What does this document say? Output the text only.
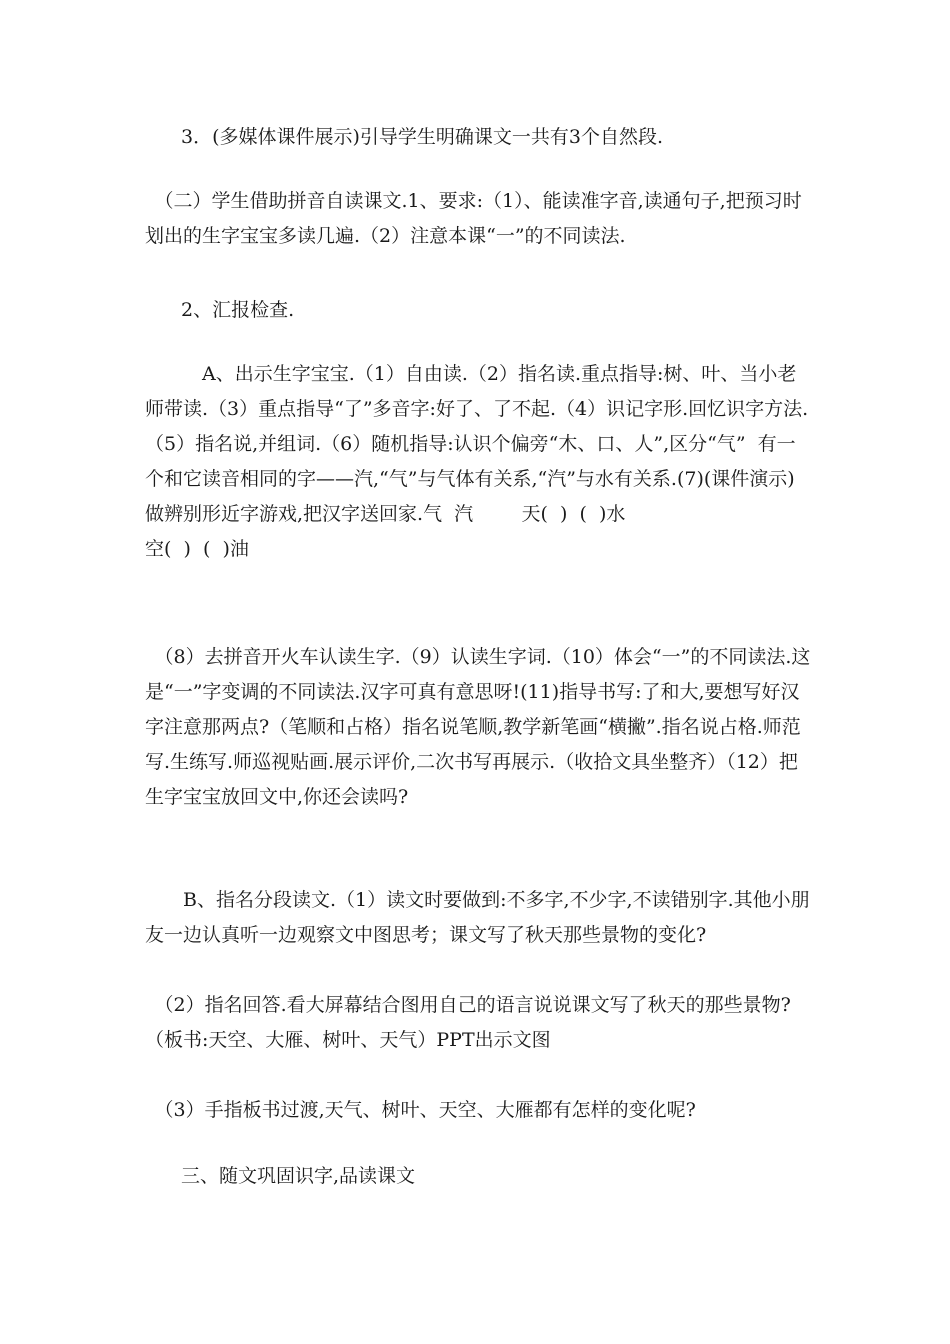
3．(多媒体课件展示)引导学生明确课文一共有3个自然段.

　（二）学生借助拼音自读课文.1、要求:（1）、能读准字音,读通句子,把预习时划出的生字宝宝多读几遍.（2）注意本课“一”的不同读法.

2、汇报检查.

　　　A、出示生字宝宝.（1）自由读.（2）指名读.重点指导:树、叶、当小老师带读.（3）重点指导“了”多音字:好了、了不起.（4）识记字形.回忆识字方法.（5）指名说,并组词.（6）随机指导:认识个偏旁“木、口、人”,区分“气”  有一个和它读音相同的字——汽,“气”与气体有关系,“汽”与水有关系.(7)(课件演示)做辨别形近字游戏,把汉字送回家.气  汽        天(  )  (  )水
空(  )  (  )油

　（8）去拼音开火车认读生字.（9）认读生字词.（10）体会“一”的不同读法.这是“一”字变调的不同读法.汉字可真有意思呀!(11)指导书写:了和大,要想写好汉字注意那两点?（笔顺和占格）指名说笔顺,教学新笔画“横撇”.指名说占格.师范写.生练写.师巡视贴画.展示评价,二次书写再展示.（收拾文具坐整齐）（12）把生字宝宝放回文中,你还会读吗?

　　B、指名分段读文.（1）读文时要做到:不多字,不少字,不读错别字.其他小朋友一边认真听一边观察文中图思考；课文写了秋天那些景物的变化?

　（2）指名回答.看大屏幕结合图用自己的语言说说课文写了秋天的那些景物?（板书:天空、大雁、树叶、天气）PPT出示文图

　（3）手指板书过渡,天气、树叶、天空、大雁都有怎样的变化呢?

三、随文巩固识字,品读课文
